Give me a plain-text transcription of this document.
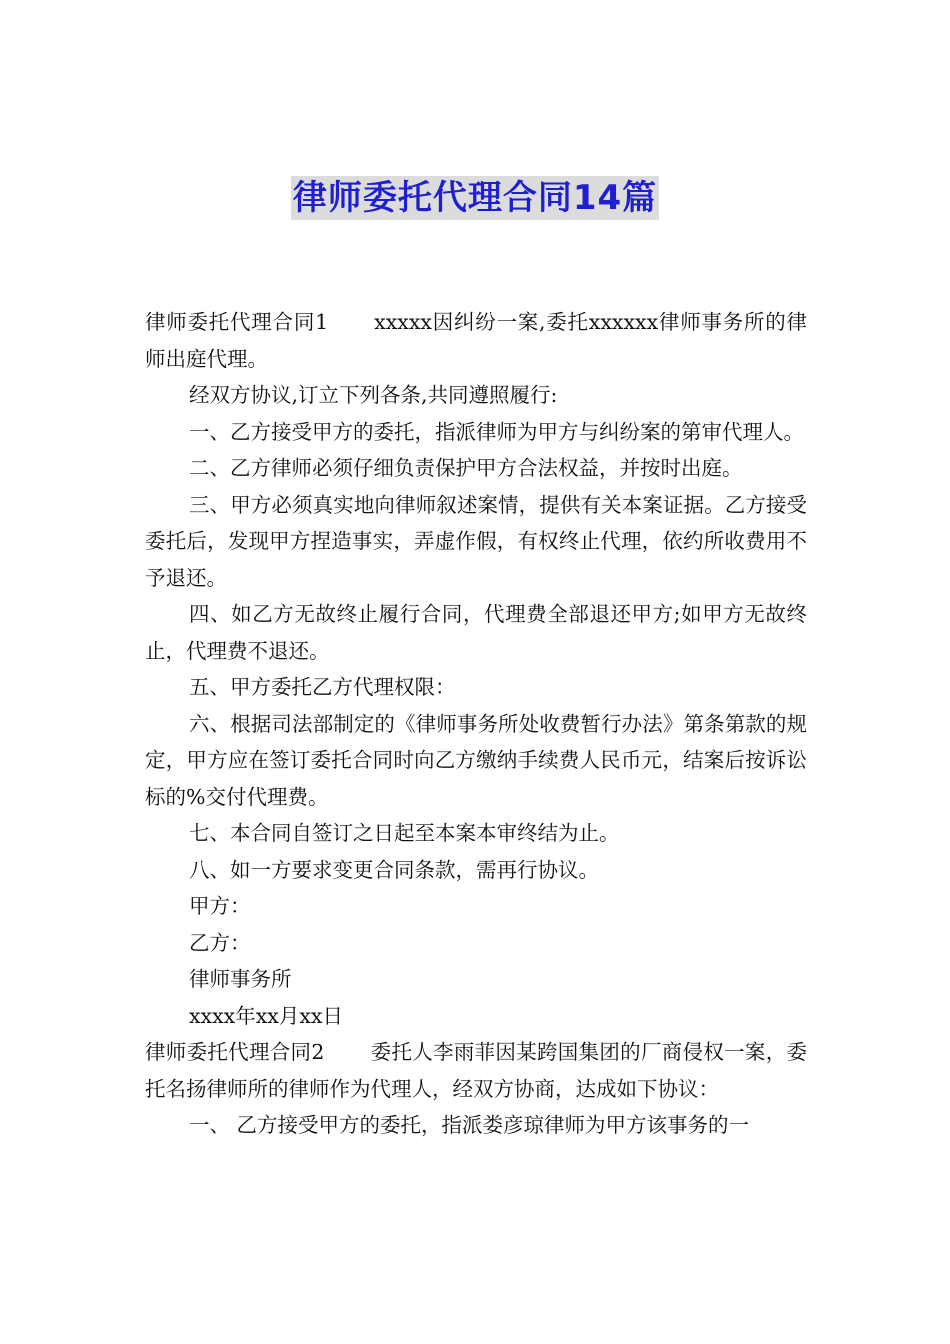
律师委托代理合同14篇

律师委托代理合同1 xxxxx因纠纷一案,委托xxxxxx律师事务所的律师出庭代理。

经双方协议,订立下列各条,共同遵照履行:

一、乙方接受甲方的委托，指派律师为甲方与纠纷案的第审代理人。

二、乙方律师必须仔细负责保护甲方合法权益，并按时出庭。

三、甲方必须真实地向律师叙述案情，提供有关本案证据。乙方接受委托后，发现甲方捏造事实，弄虚作假，有权终止代理，依约所收费用不予退还。

四、如乙方无故终止履行合同，代理费全部退还甲方;如甲方无故终止，代理费不退还。

五、甲方委托乙方代理权限：

六、根据司法部制定的《律师事务所处收费暂行办法》第条第款的规定，甲方应在签订委托合同时向乙方缴纳手续费人民币元，结案后按诉讼标的%交付代理费。

七、本合同自签订之日起至本案本审终结为止。

八、如一方要求变更合同条款，需再行协议。

甲方：

乙方：

律师事务所

xxxx年xx月xx日

律师委托代理合同2 委托人李雨菲因某跨国集团的厂商侵权一案，委托名扬律师所的律师作为代理人，经双方协商，达成如下协议：

一、 乙方接受甲方的委托，指派娄彦琼律师为甲方该事务的一
